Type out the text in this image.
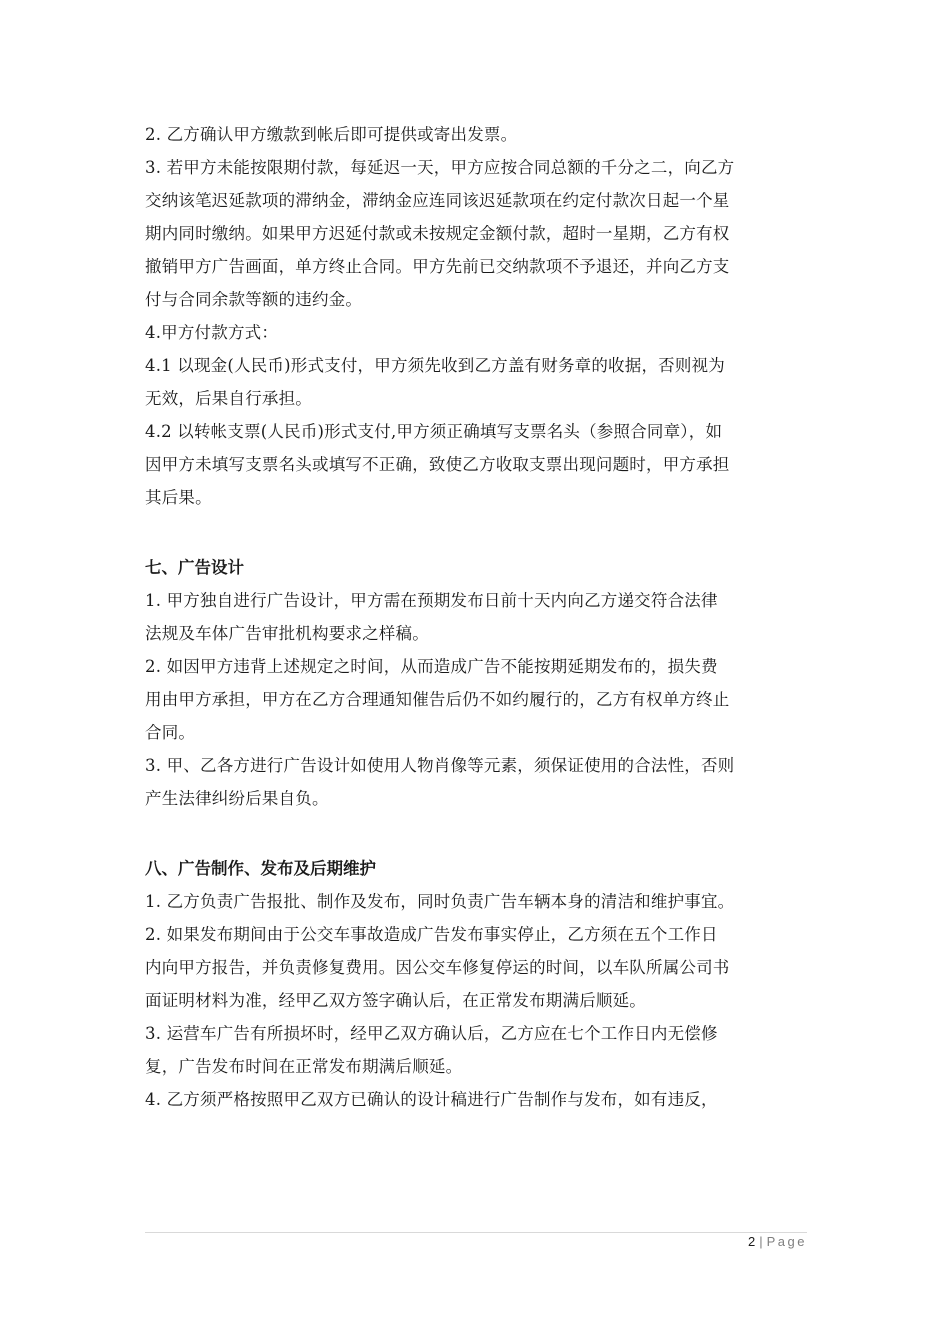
2. 乙方确认甲方缴款到帐后即可提供或寄出发票。
3. 若甲方未能按限期付款，每延迟一天，甲方应按合同总额的千分之二，向乙方
交纳该笔迟延款项的滞纳金，滞纳金应连同该迟延款项在约定付款次日起一个星
期内同时缴纳。如果甲方迟延付款或未按规定金额付款，超时一星期，乙方有权
撤销甲方广告画面，单方终止合同。甲方先前已交纳款项不予退还，并向乙方支
付与合同余款等额的违约金。
4.甲方付款方式：
4.1 以现金(人民币)形式支付，甲方须先收到乙方盖有财务章的收据，否则视为
无效，后果自行承担。
4.2 以转帐支票(人民币)形式支付,甲方须正确填写支票名头（参照合同章），如
因甲方未填写支票名头或填写不正确，致使乙方收取支票出现问题时，甲方承担
其后果。
七、广告设计
1. 甲方独自进行广告设计，甲方需在预期发布日前十天内向乙方递交符合法律
法规及车体广告审批机构要求之样稿。
2. 如因甲方违背上述规定之时间，从而造成广告不能按期延期发布的，损失费
用由甲方承担，甲方在乙方合理通知催告后仍不如约履行的，乙方有权单方终止
合同。
3. 甲、乙各方进行广告设计如使用人物肖像等元素，须保证使用的合法性，否则
产生法律纠纷后果自负。
八、广告制作、发布及后期维护
1. 乙方负责广告报批、制作及发布，同时负责广告车辆本身的清洁和维护事宜。
2. 如果发布期间由于公交车事故造成广告发布事实停止，乙方须在五个工作日
内向甲方报告，并负责修复费用。因公交车修复停运的时间，以车队所属公司书
面证明材料为准，经甲乙双方签字确认后，在正常发布期满后顺延。
3. 运营车广告有所损坏时，经甲乙双方确认后，乙方应在七个工作日内无偿修
复，广告发布时间在正常发布期满后顺延。
4. 乙方须严格按照甲乙双方已确认的设计稿进行广告制作与发布，如有违反，
2 | Page
